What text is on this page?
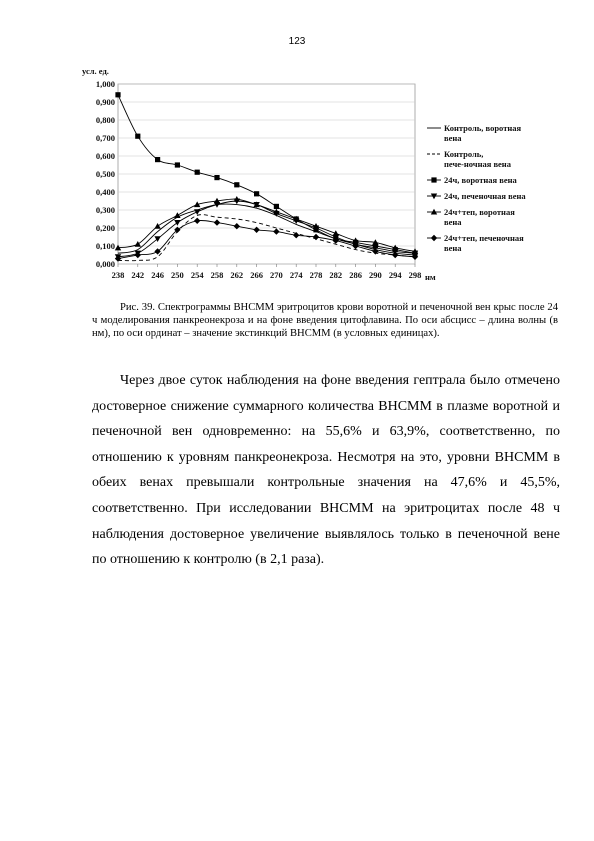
123
0,000
0,100
0,200
0,300
0,400
0,500
0,600
0,700
0,800
0,900
1,000
238 242 246 250 254 258 262 266 270 274 278 282 286 290 294 298
усл. ед.
нм
Контроль, воротная вена
Контроль, пече-ночная вена
24ч, воротная вена
24ч, печеночная вена
24ч+теп, воротная вена
24ч+теп, печеночная вена
Рис. 39. Спектрограммы ВНСММ эритроцитов крови воротной и печеночной вен крыс после 24 ч моделирования панкреонекроза и на фоне введения цитофлавина. По оси абсцисс – длина волны (в нм), по оси ординат – значение экстинкций ВНСММ (в условных единицах).

Через двое суток наблюдения на фоне введения гептрала было отмечено достоверное снижение суммарного количества ВНСММ в плазме воротной и печеночной вен одновременно: на 55,6% и 63,9%, соответственно, по отношению к уровням панкреонекроза. Несмотря на это, уровни ВНСММ в обеих венах превышали контрольные значения на 47,6% и 45,5%, соответственно. При исследовании ВНСММ на эритроцитах после 48 ч наблюдения достоверное увеличение выявлялось только в печеночной вене по отношению к контролю (в 2,1 раза).
